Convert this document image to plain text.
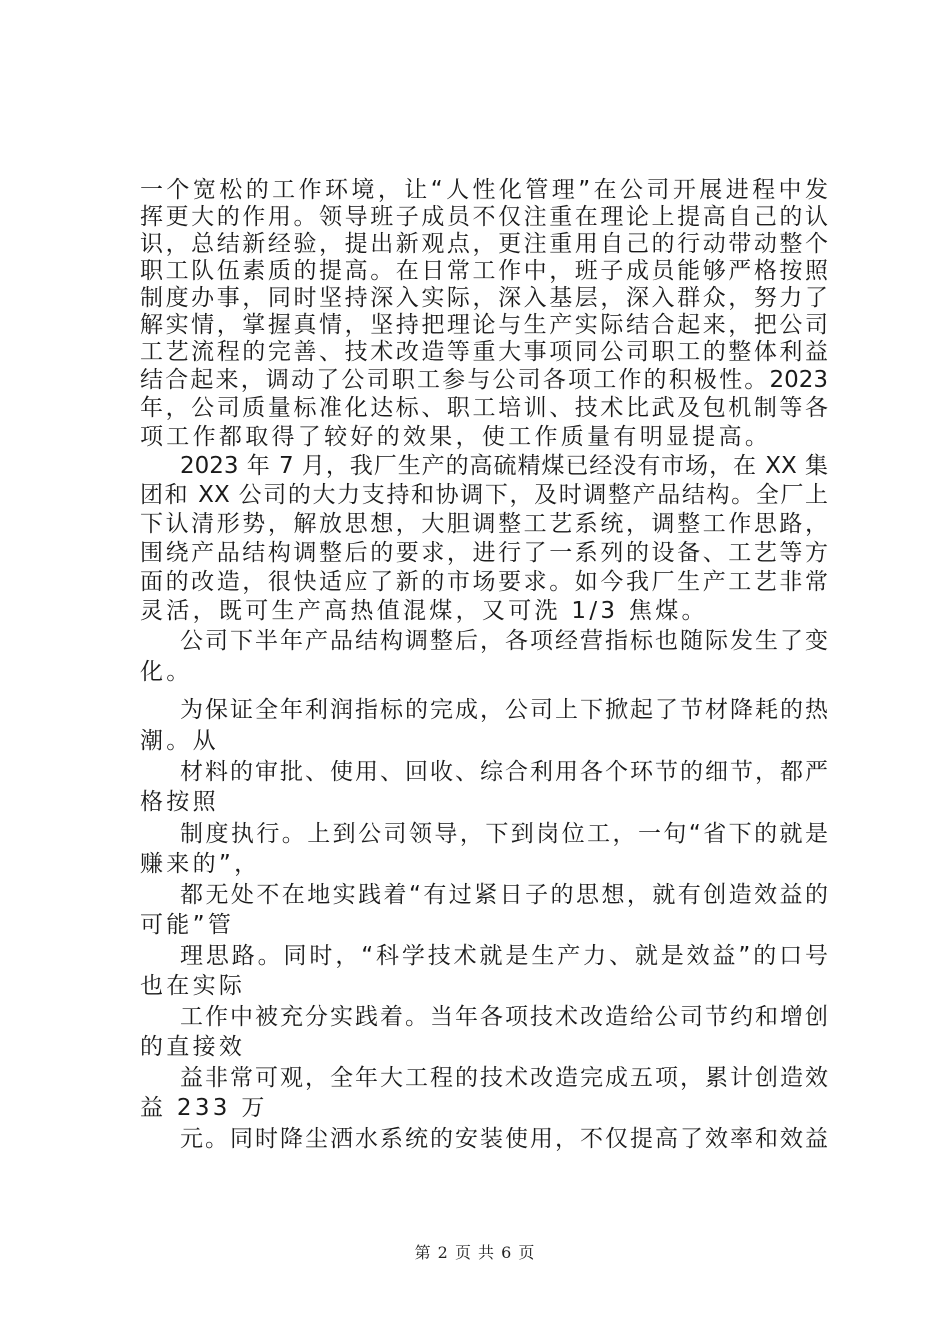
一个宽松的工作环境，让“人性化管理”在公司开展进程中发
挥更大的作用。领导班子成员不仅注重在理论上提高自己的认
识，总结新经验，提出新观点，更注重用自己的行动带动整个
职工队伍素质的提高。在日常工作中，班子成员能够严格按照
制度办事，同时坚持深入实际，深入基层，深入群众，努力了
解实情，掌握真情，坚持把理论与生产实际结合起来，把公司
工艺流程的完善、技术改造等重大事项同公司职工的整体利益
结合起来，调动了公司职工参与公司各项工作的积极性。2023
年，公司质量标准化达标、职工培训、技术比武及包机制等各
项工作都取得了较好的效果，使工作质量有明显提高。
2023 年 7 月，我厂生产的高硫精煤已经没有市场，在 XX 集
团和 XX 公司的大力支持和协调下，及时调整产品结构。全厂上
下认清形势，解放思想，大胆调整工艺系统，调整工作思路，
围绕产品结构调整后的要求，进行了一系列的设备、工艺等方
面的改造，很快适应了新的市场要求。如今我厂生产工艺非常
灵活，既可生产高热值混煤，又可洗 1/3 焦煤。
公司下半年产品结构调整后，各项经营指标也随际发生了变
化。
为保证全年利润指标的完成，公司上下掀起了节材降耗的热
潮。从
材料的审批、使用、回收、综合利用各个环节的细节，都严
格按照
制度执行。上到公司领导，下到岗位工，一句“省下的就是
赚来的”，
都无处不在地实践着“有过紧日子的思想，就有创造效益的
可能”管
理思路。同时，“科学技术就是生产力、就是效益”的口号
也在实际
工作中被充分实践着。当年各项技术改造给公司节约和增创
的直接效
益非常可观，全年大工程的技术改造完成五项，累计创造效
益 233 万
元。同时降尘洒水系统的安装使用，不仅提高了效率和效益
第 2 页 共 6 页
